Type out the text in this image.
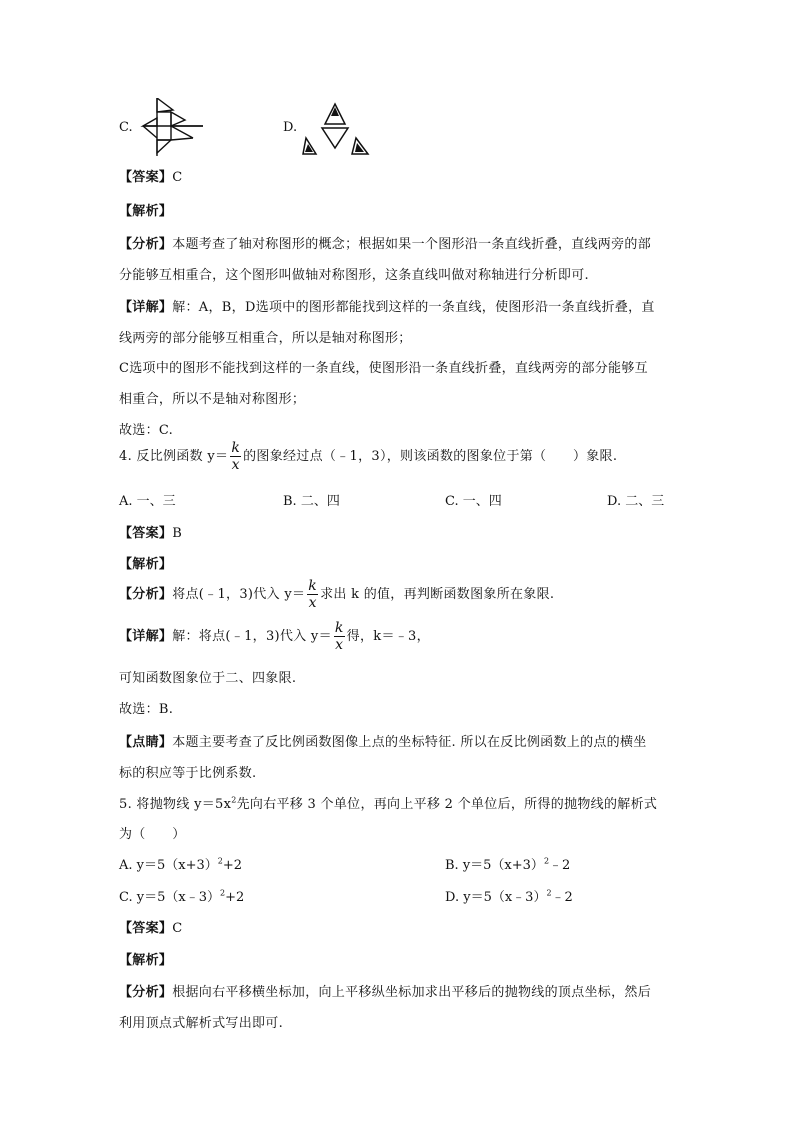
C.	D.
【答案】C
【解析】
【分析】本题考查了轴对称图形的概念；根据如果一个图形沿一条直线折叠，直线两旁的部
分能够互相重合，这个图形叫做轴对称图形，这条直线叫做对称轴进行分析即可.
【详解】解：A，B，D选项中的图形都能找到这样的一条直线，使图形沿一条直线折叠，直
线两旁的部分能够互相重合，所以是轴对称图形；
C选项中的图形不能找到这样的一条直线，使图形沿一条直线折叠，直线两旁的部分能够互
相重合，所以不是轴对称图形；
故选：C.
4. 反比例函数 $y= \frac{k}{x}$ 的图象经过点（﹣1，3），则该函数的图象位于第（　　）象限.
A. 一、三	B. 二、四	C. 一、四	D. 二、三
【答案】B
【解析】
【分析】将点(﹣1，3)代入 $y= \frac{k}{x}$ 求出 k 的值，再判断函数图象所在象限.
【详解】解：将点(﹣1，3)代入 $y= \frac{k}{x}$ 得，k＝﹣3，
可知函数图象位于二、四象限.
故选：B.
【点睛】本题主要考查了反比例函数图像上点的坐标特征. 所以在反比例函数上的点的横坐
标的积应等于比例系数.
5. 将抛物线 $y=5x^2$先向右平移 3 个单位，再向上平移 2 个单位后，所得的抛物线的解析式
为（　　）
A. $y=5(x+3)^2+2$	B. $y=5(x+3)^2﹣2$
C. y＝5（x﹣3）$^2$+2	D. y＝5（x﹣3）$^2$﹣2
【答案】C
【解析】
【分析】根据向右平移横坐标加，向上平移纵坐标加求出平移后的抛物线的顶点坐标，然后
利用顶点式解析式写出即可.
